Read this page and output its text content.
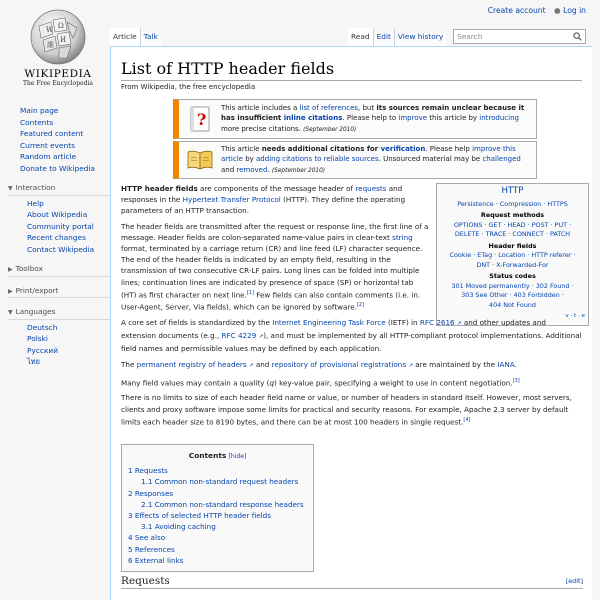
Create account ● Log in
W Ω
И
維
WIKIPEDIA
The Free Encyclopedia
Main page
Contents
Featured content
Current events
Random article
Donate to Wikipedia
▼ Interaction
Help
About Wikipedia
Community portal
Recent changes
Contact Wikipedia
▶ Toolbox
▶ Print/export
▼ Languages
Deutsch
Polski
Русский
ไทย
Article Talk	Read Edit View history	Search
List of HTTP header fields
From Wikipedia, the free encyclopedia
?
This article includes a list of references, but its sources remain unclear because it has insufficient inline citations. Please help to improve this article by introducing more precise citations. (September 2010)
This article needs additional citations for verification. Please help improve this article by adding citations to reliable sources. Unsourced material may be challenged and removed. (September 2010)
HTTP
Persistence · Compression · HTTPS
Request methods
OPTIONS · GET · HEAD · POST · PUT ·
DELETE · TRACE · CONNECT · PATCH
Header fields
Cookie · ETag · Location · HTTP referer ·
DNT · X-Forwarded-For
Status codes
301 Moved permanently · 302 Found ·
303 See Other · 403 Forbidden ·
404 Not Found
v · t · e

HTTP header fields are components of the message header of requests and responses in the Hypertext Transfer Protocol (HTTP). They define the operating parameters of an HTTP transaction.

The header fields are transmitted after the request or response line, the first line of a message. Header fields are colon-separated name-value pairs in clear-text string format, terminated by a carriage return (CR) and line feed (LF) character sequence. The end of the header fields is indicated by an empty field, resulting in the transmission of two consecutive CR-LF pairs. Long lines can be folded into multiple lines; continuation lines are indicated by presence of space (SP) or horizontal tab (HT) as first character on next line.[1] Few fields can also contain comments (i.e. in. User-Agent, Server, Via fields), which can be ignored by software.[2]

A core set of fields is standardized by the Internet Engineering Task Force (IETF) in RFC 2616 ↗ and other updates and extension documents (e.g., RFC 4229 ↗), and must be implemented by all HTTP-compliant protocol implementations. Additional field names and permissible values may be defined by each application.

The permanent registry of headers ↗ and repository of provisional registrations ↗ are maintained by the IANA.

Many field values may contain a quality (q) key-value pair, specifying a weight to use in content negotiation.[3]

There is no limits to size of each header field name or value, or number of headers in standard itself. However, most servers, clients and proxy software impose some limits for practical and security reasons. For example, Apache 2.3 server by default limits each header size to 8190 bytes, and there can be at most 100 headers in single request.[4]

Contents [hide]
1 Requests
1.1 Common non-standard request headers
2 Responses
2.1 Common non-standard response headers
3 Effects of selected HTTP header fields
3.1 Avoiding caching
4 See also
5 References
6 External links
Requests	[edit]
